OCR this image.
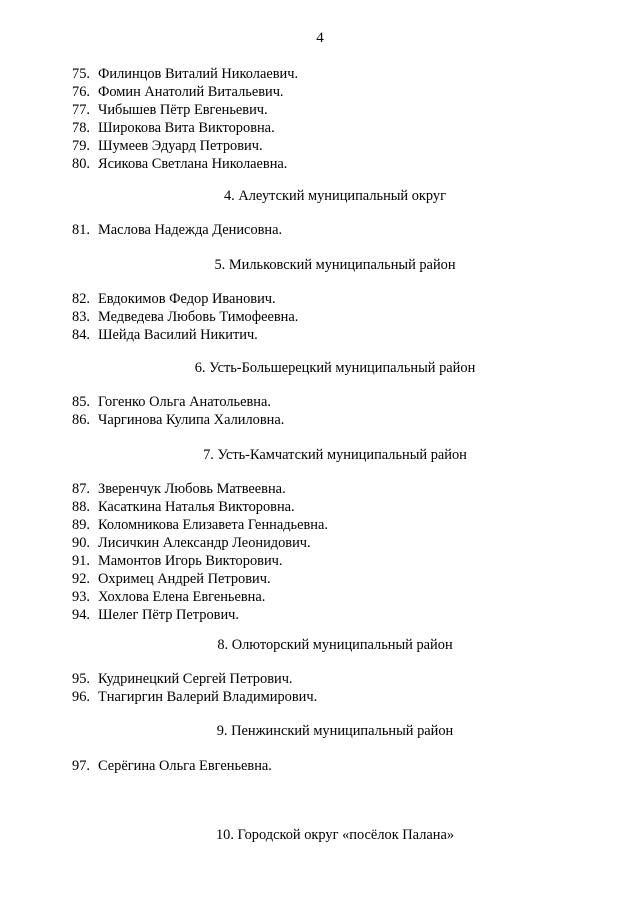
4
75. Филинцов Виталий Николаевич.
76. Фомин Анатолий Витальевич.
77. Чибышев Пётр Евгеньевич.
78. Широкова Вита Викторовна.
79. Шумеев Эдуард Петрович.
80. Ясикова Светлана Николаевна.
4. Алеутский муниципальный округ
81. Маслова Надежда Денисовна.
5. Мильковский муниципальный район
82. Евдокимов Федор Иванович.
83. Медведева Любовь Тимофеевна.
84. Шейда Василий Никитич.
6. Усть-Большерецкий муниципальный район
85. Гогенко Ольга Анатольевна.
86. Чаргинова Кулипа Халиловна.
7. Усть-Камчатский муниципальный район
87. Зверенчук Любовь Матвеевна.
88. Касаткина Наталья Викторовна.
89. Коломникова Елизавета Геннадьевна.
90. Лисичкин Александр Леонидович.
91. Мамонтов Игорь Викторович.
92. Охримец Андрей Петрович.
93. Хохлова Елена Евгеньевна.
94. Шелег Пётр Петрович.
8. Олюторский муниципальный район
95. Кудринецкий Сергей Петрович.
96. Тнагиргин Валерий Владимирович.
9. Пенжинский муниципальный район
97. Серёгина Ольга Евгеньевна.
10. Городской округ «посёлок Палана»
